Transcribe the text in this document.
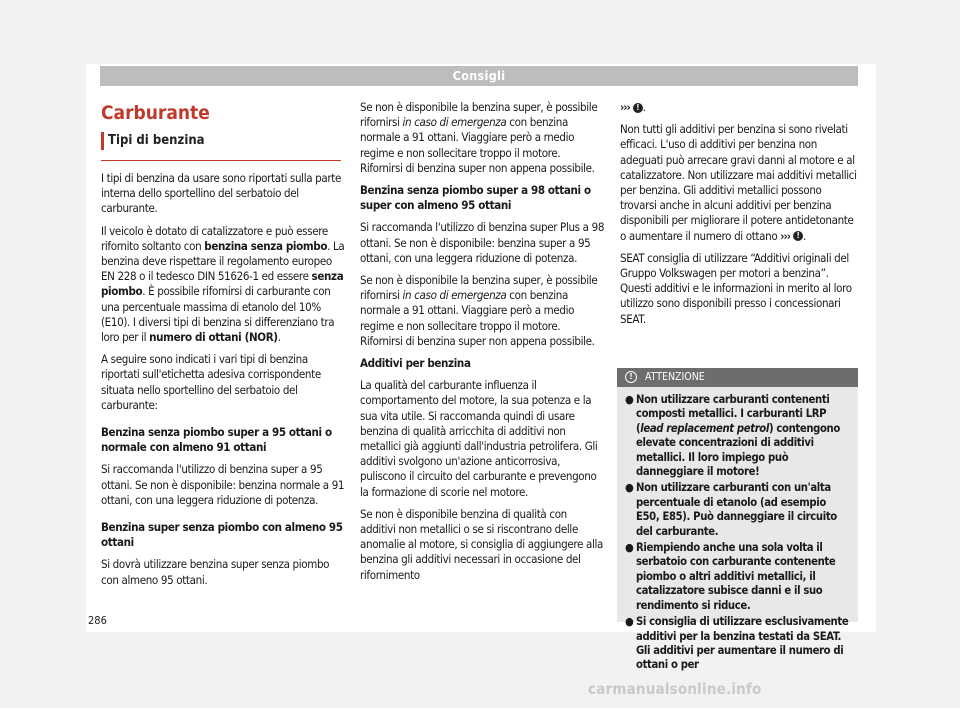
Consigli
Carburante
Tipi di benzina

I tipi di benzina da usare sono riportati sulla parte interna dello sportellino del serbatoio del carburante.

Il veicolo è dotato di catalizzatore e può essere rifornito soltanto con benzina senza piombo. La benzina deve rispettare il regolamento europeo EN 228 o il tedesco DIN 51626-1 ed essere senza piombo. È possibile rifornirsi di carburante con una percentuale massima di etanolo del 10% (E10). I diversi tipi di benzina si differenziano tra loro per il numero di ottani (NOR).

A seguire sono indicati i vari tipi di benzina riportati sull'etichetta adesiva corrispondente situata nello sportellino del serbatoio del carburante:

Benzina senza piombo super a 95 ottani o normale con almeno 91 ottani

Si raccomanda l'utilizzo di benzina super a 95 ottani. Se non è disponibile: benzina normale a 91 ottani, con una leggera riduzione di potenza.

Benzina super senza piombo con almeno 95 ottani

Si dovrà utilizzare benzina super senza piombo con almeno 95 ottani.

Se non è disponibile la benzina super, è possibile rifornirsi in caso di emergenza con benzina normale a 91 ottani. Viaggiare però a medio regime e non sollecitare troppo il motore. Rifornirsi di benzina super non appena possibile.

Benzina senza piombo super a 98 ottani o super con almeno 95 ottani

Si raccomanda l'utilizzo di benzina super Plus a 98 ottani. Se non è disponibile: benzina super a 95 ottani, con una leggera riduzione di potenza.

Se non è disponibile la benzina super, è possibile rifornirsi in caso di emergenza con benzina normale a 91 ottani. Viaggiare però a medio regime e non sollecitare troppo il motore. Rifornirsi di benzina super non appena possibile.

Additivi per benzina

La qualità del carburante influenza il comportamento del motore, la sua potenza e la sua vita utile. Si raccomanda quindi di usare benzina di qualità arricchita di additivi non metallici già aggiunti dall'industria petrolifera. Gli additivi svolgono un'azione anticorrosiva, puliscono il circuito del carburante e prevengono la formazione di scorie nel motore.

Se non è disponibile benzina di qualità con additivi non metallici o se si riscontrano delle anomalie al motore, si consiglia di aggiungere alla benzina gli additivi necessari in occasione del rifornimento

››› ! .

Non tutti gli additivi per benzina si sono rivelati efficaci. L'uso di additivi per benzina non adeguati può arrecare gravi danni al motore e al catalizzatore. Non utilizzare mai additivi metallici per benzina. Gli additivi metallici possono trovarsi anche in alcuni additivi per benzina disponibili per migliorare il potere antidetonante o aumentare il numero di ottano ››› ! .

SEAT consiglia di utilizzare “Additivi originali del Gruppo Volkswagen per motori a benzina”. Questi additivi e le informazioni in merito al loro utilizzo sono disponibili presso i concessionari SEAT.

! ATTENZIONE
● Non utilizzare carburanti contenenti composti metallici. I carburanti LRP (lead replacement petrol) contengono elevate concentrazioni di additivi metallici. Il loro impiego può danneggiare il motore!
● Non utilizzare carburanti con un'alta percentuale di etanolo (ad esempio E50, E85). Può danneggiare il circuito del carburante.
● Riempiendo anche una sola volta il serbatoio con carburante contenente piombo o altri additivi metallici, il catalizzatore subisce danni e il suo rendimento si riduce.
● Si consiglia di utilizzare esclusivamente additivi per la benzina testati da SEAT. Gli additivi per aumentare il numero di ottani o per
286
carmanualsonline.info
